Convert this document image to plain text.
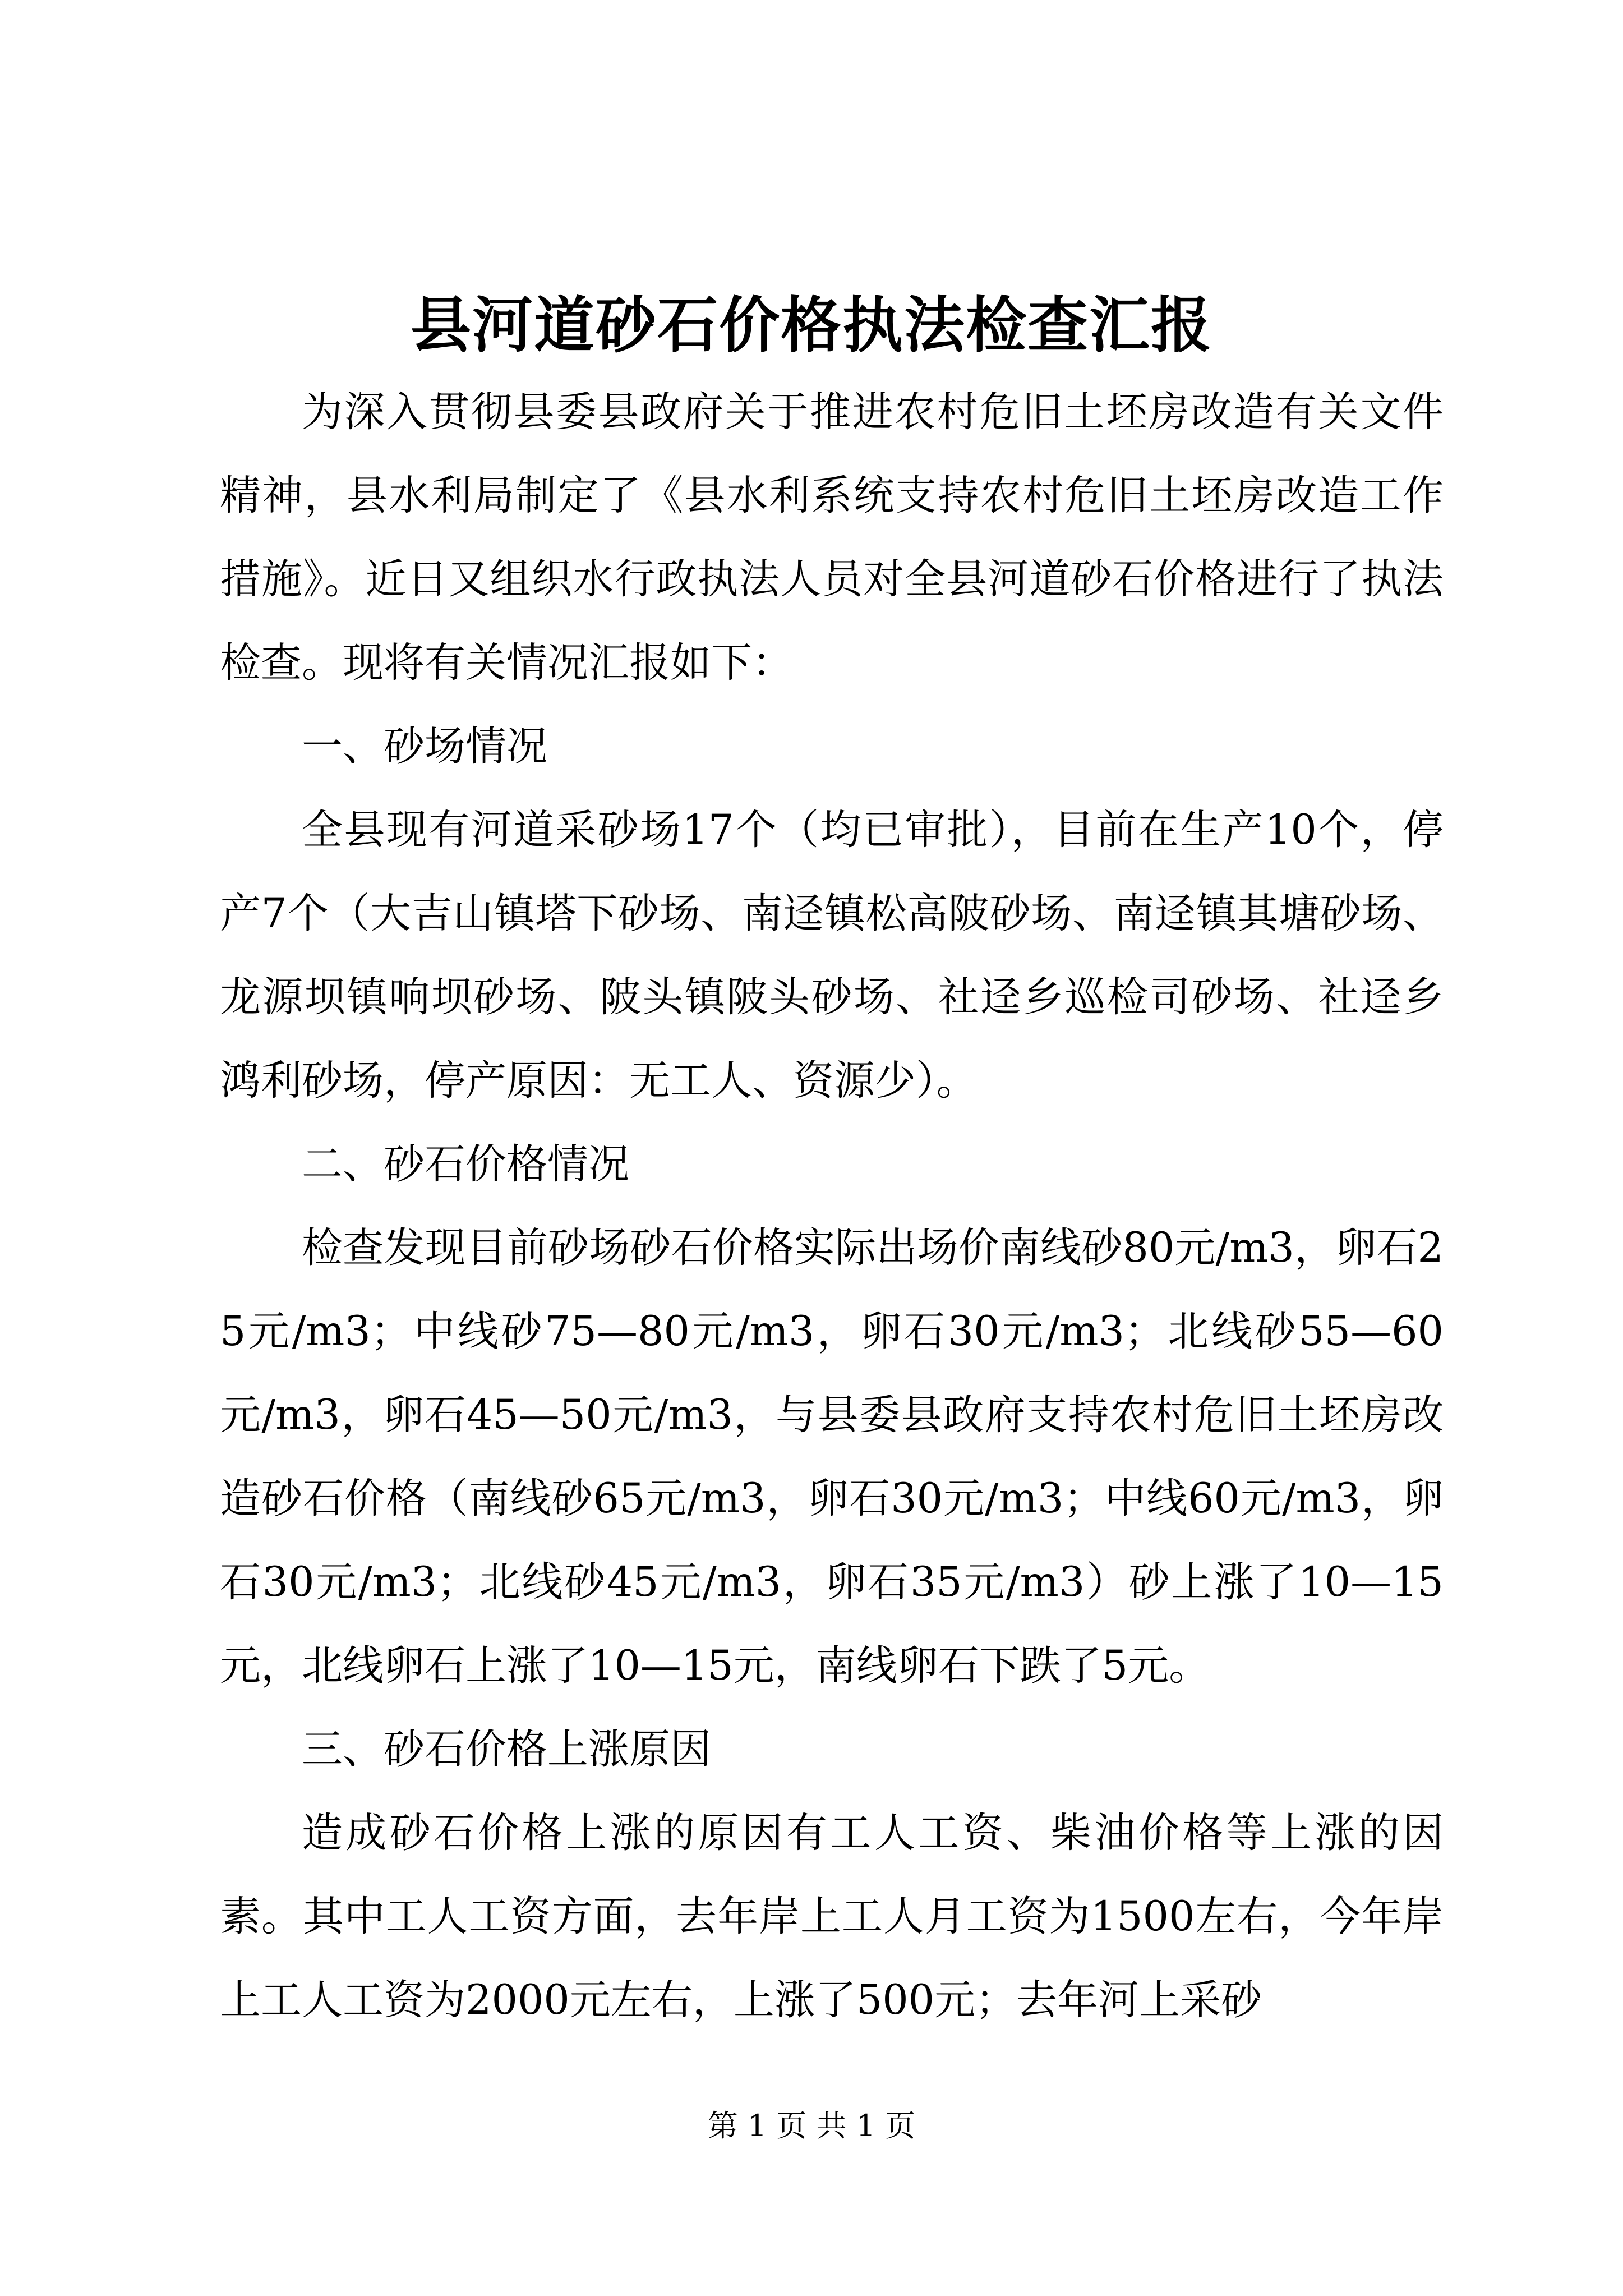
县河道砂石价格执法检查汇报

为深入贯彻县委县政府关于推进农村危旧土坯房改造有关文件精神，县水利局制定了《县水利系统支持农村危旧土坯房改造工作措施》。近日又组织水行政执法人员对全县河道砂石价格进行了执法检查。现将有关情况汇报如下：

一、砂场情况

全县现有河道采砂场17个（均已审批），目前在生产10个，停产7个（大吉山镇塔下砂场、南迳镇松高陂砂场、南迳镇其塘砂场、龙源坝镇响坝砂场、陂头镇陂头砂场、社迳乡巡检司砂场、社迳乡鸿利砂场，停产原因：无工人、资源少）。

二、砂石价格情况

检查发现目前砂场砂石价格实际出场价南线砂80元/m3，卵石25元/m3；中线砂75—80元/m3，卵石30元/m3；北线砂55—60元/m3，卵石45—50元/m3，与县委县政府支持农村危旧土坯房改造砂石价格（南线砂65元/m3，卵石30元/m3；中线60元/m3，卵石30元/m3；北线砂45元/m3，卵石35元/m3）砂上涨了10—15元，北线卵石上涨了10—15元，南线卵石下跌了5元。

三、砂石价格上涨原因

造成砂石价格上涨的原因有工人工资、柴油价格等上涨的因素。其中工人工资方面，去年岸上工人月工资为1500左右，今年岸上工人工资为2000元左右，上涨了500元；去年河上采砂

第 1 页 共 1 页
